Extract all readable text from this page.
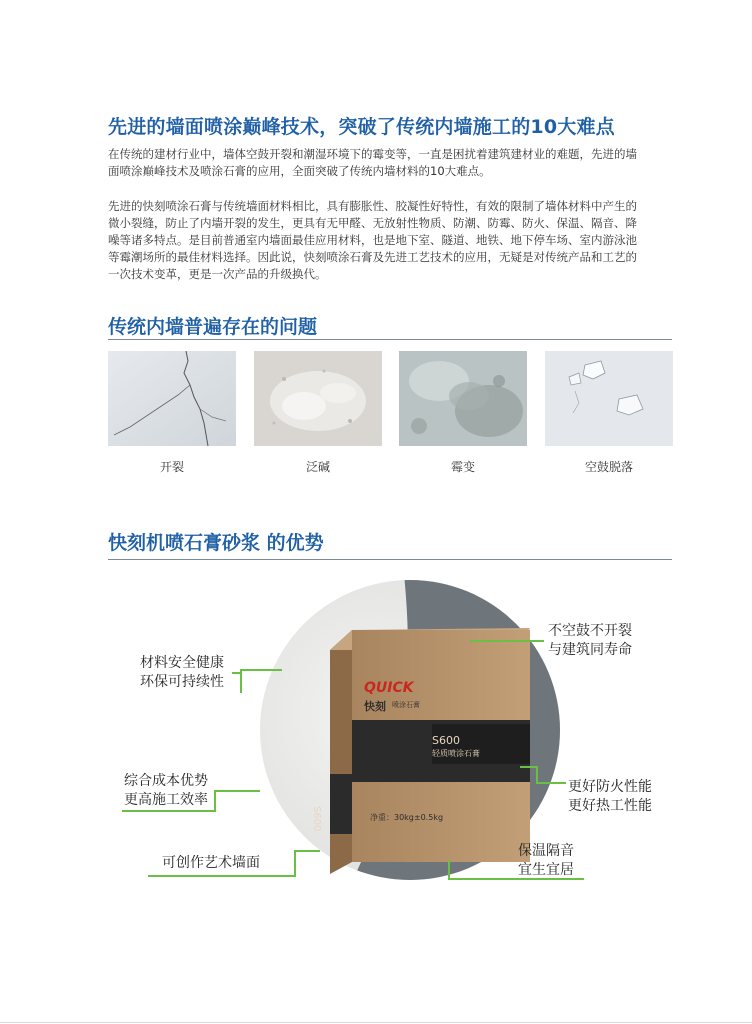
先进的墙面喷涂巅峰技术，突破了传统内墙施工的10大难点
在传统的建材行业中，墙体空鼓开裂和潮湿环境下的霉变等，一直是困扰着建筑建材业的难题，先进的墙面喷涂巅峰技术及喷涂石膏的应用，全面突破了传统内墙材料的10大难点。
先进的快刻喷涂石膏与传统墙面材料相比，具有膨胀性、胶凝性好特性，有效的限制了墙体材料中产生的微小裂缝，防止了内墙开裂的发生，更具有无甲醛、无放射性物质、防潮、防霉、防火、保温、隔音、降噪等诸多特点。是目前普通室内墙面最佳应用材料，也是地下室、隧道、地铁、地下停车场、室内游泳池等霉潮场所的最佳材料选择。因此说，快刻喷涂石膏及先进工艺技术的应用，无疑是对传统产品和工艺的一次技术变革，更是一次产品的升级换代。
传统内墙普遍存在的问题
开裂	泛碱	霉变	空鼓脱落
快刻机喷石膏砂浆 的优势
QUICK
快刻 喷涂石膏
S600
轻质喷涂石膏
S600	净重：30kg±0.5kg
材料安全健康
环保可持续性
综合成本优势
更高施工效率
可创作艺术墙面
不空鼓不开裂
与建筑同寿命
更好防火性能
更好热工性能
保温隔音
宜生宜居
